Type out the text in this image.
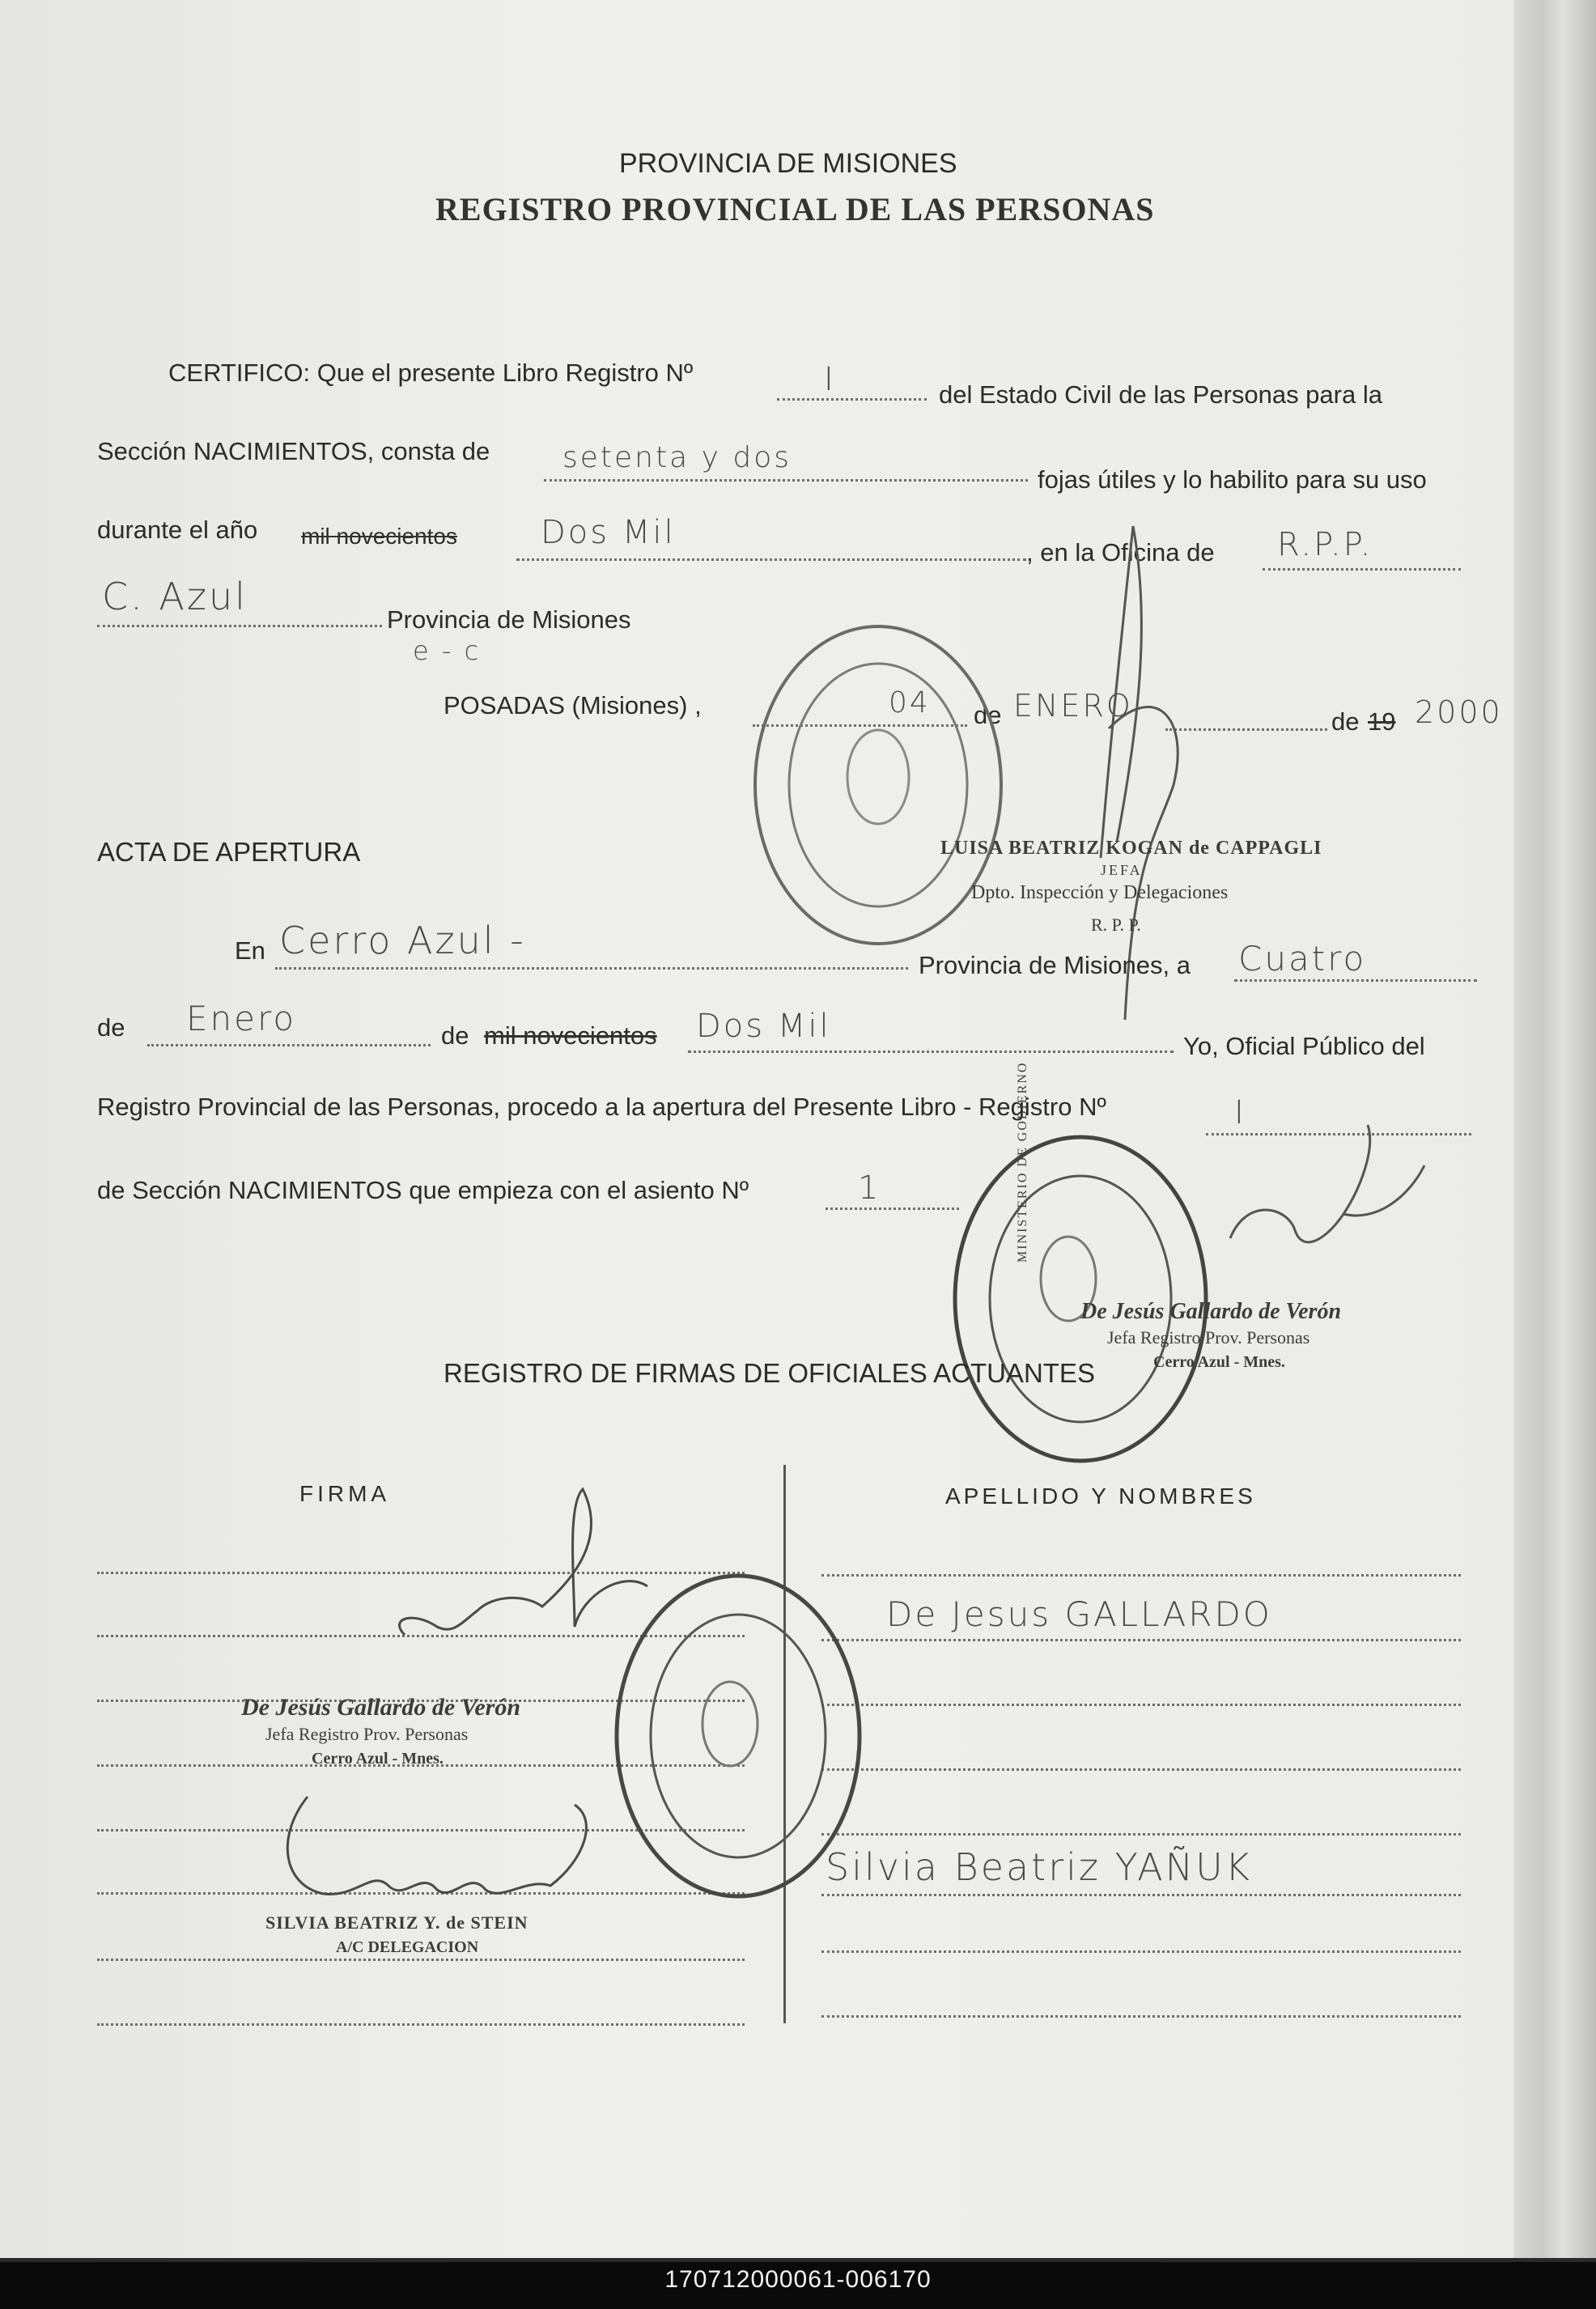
PROVINCIA DE MISIONES
REGISTRO PROVINCIAL DE LAS PERSONAS
CERTIFICO: Que el presente Libro Registro Nº	I	del Estado Civil de las Personas para la
Sección NACIMIENTOS, consta de setenta y dos
fojas útiles y lo habilito para su uso
durante el año mil novecientos	Dos Mil
, en la Oficina de R.P.P.
C. Azul
Provincia de Misiones
e - c
POSADAS (Misiones) ,	04 de ENERO	de 19 2000
LUISA BEATRIZ KOGAN de CAPPAGLI
JEFA
Dpto. Inspección y Delegaciones
R. P. P.
ACTA DE APERTURA
En Cerro Azul -
Provincia de Misiones, a Cuatro
de Enero	de mil novecientos Dos Mil
Yo, Oficial Público del
Registro Provincial de las Personas, procedo a la apertura del Presente Libro - Registro Nº	I
de Sección NACIMIENTOS que empieza con el asiento Nº	1	MINISTERIO DE GOBIERNO
De Jesús Gallardo de Verón
Jefa Registro Prov. Personas
Cerro Azul - Mnes.
REGISTRO DE FIRMAS DE OFICIALES ACTUANTES
FIRMA	APELLIDO Y NOMBRES
De Jesus GALLARDO
Silvia Beatriz YAÑUK
De Jesús Gallardo de Verón
Jefa Registro Prov. Personas
Cerro Azul - Mnes.
SILVIA BEATRIZ Y. de STEIN
A/C DELEGACION
170712000061-006170
